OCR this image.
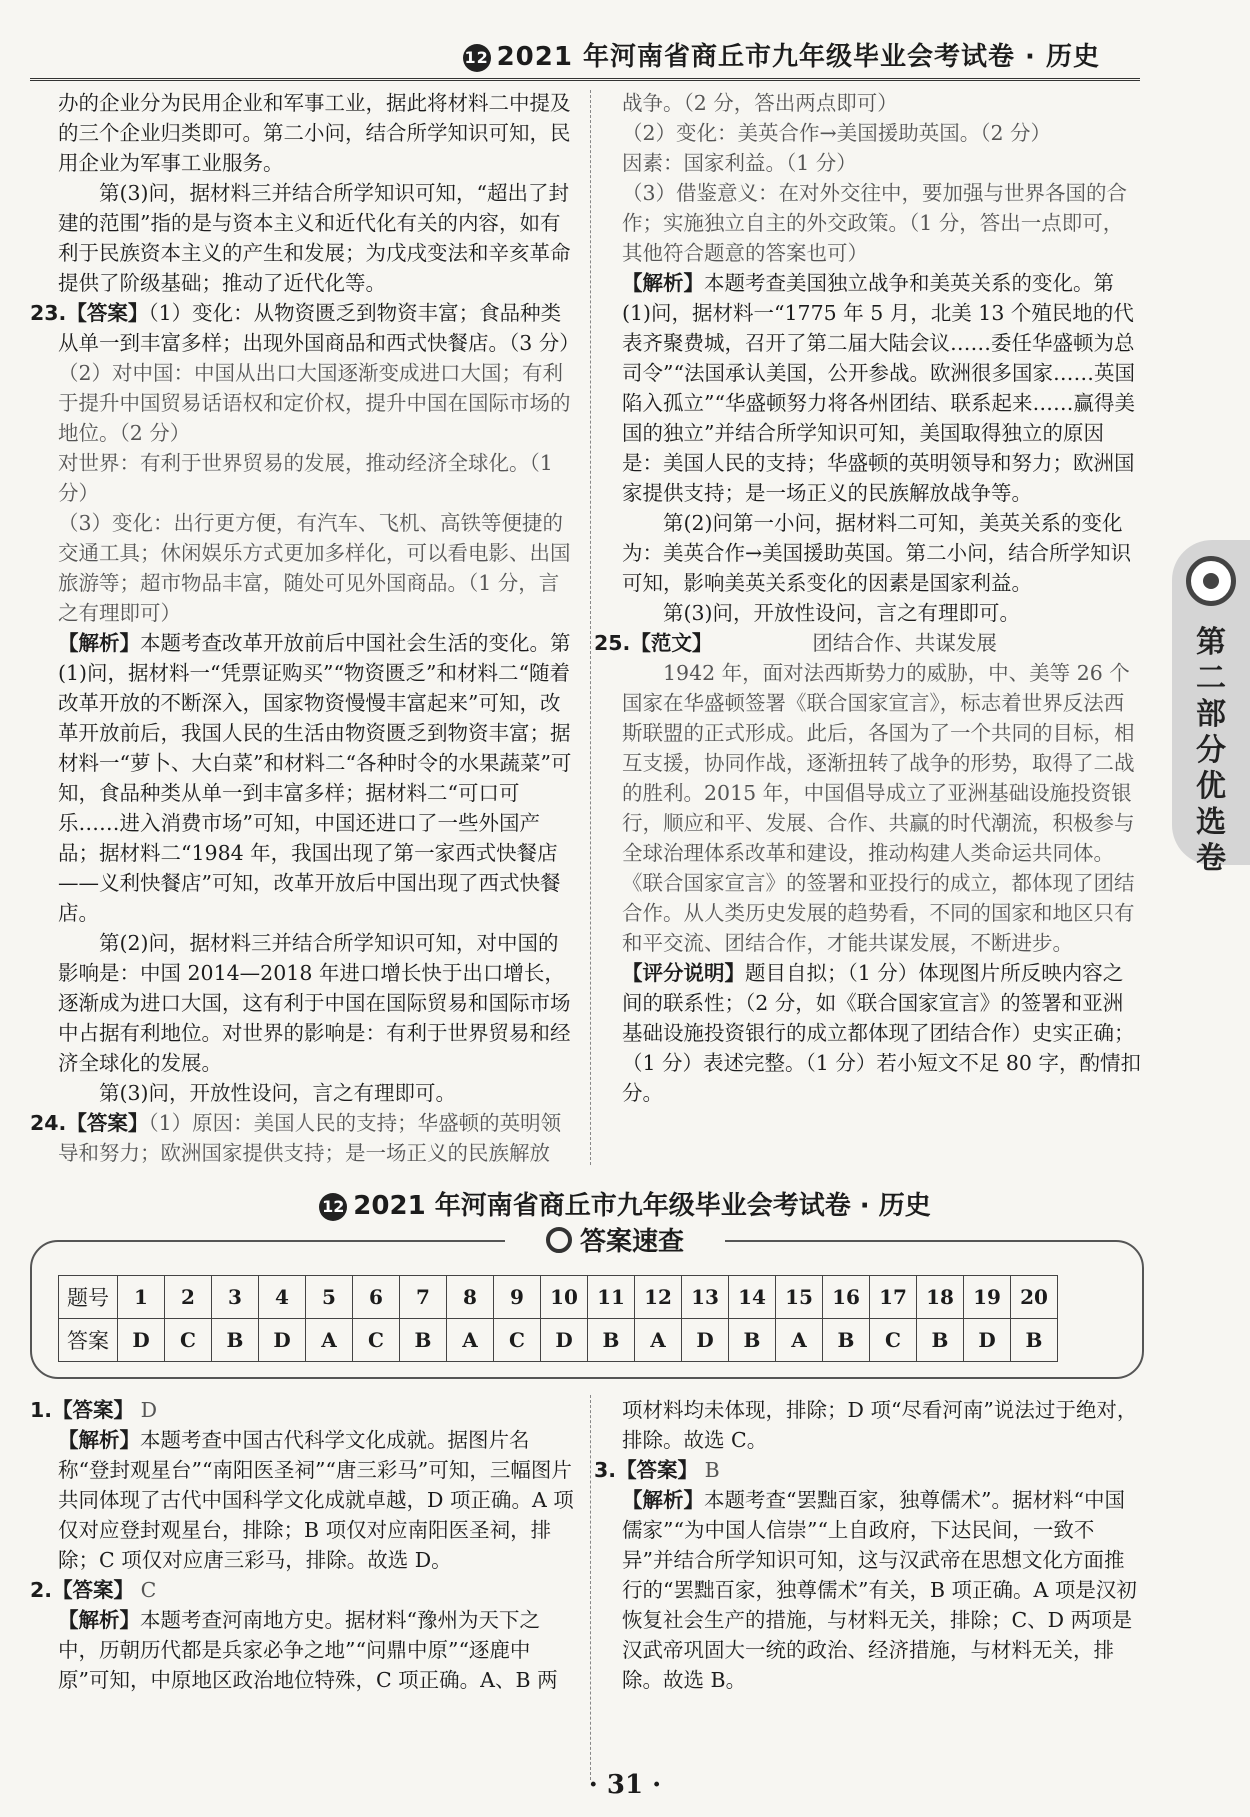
12 2021 年河南省商丘市九年级毕业会考试卷 · 历史
第二部分 优选卷

办的企业分为民用企业和军事工业，据此将材料二中提及的三个企业归类即可。第二小问，结合所学知识可知，民用企业为军事工业服务。

第(3)问，据材料三并结合所学知识可知，“超出了封建的范围”指的是与资本主义和近代化有关的内容，如有利于民族资本主义的产生和发展；为戊戌变法和辛亥革命提供了阶级基础；推动了近代化等。

23.【答案】（1）变化：从物资匮乏到物资丰富；食品种类从单一到丰富多样；出现外国商品和西式快餐店。（3 分）

（2）对中国：中国从出口大国逐渐变成进口大国；有利于提升中国贸易话语权和定价权，提升中国在国际市场的地位。（2 分）

对世界：有利于世界贸易的发展，推动经济全球化。（1 分）

（3）变化：出行更方便，有汽车、飞机、高铁等便捷的交通工具；休闲娱乐方式更加多样化，可以看电影、出国旅游等；超市物品丰富，随处可见外国商品。（1 分，言之有理即可）

【解析】本题考查改革开放前后中国社会生活的变化。第(1)问，据材料一“凭票证购买”“物资匮乏”和材料二“随着改革开放的不断深入，国家物资慢慢丰富起来”可知，改革开放前后，我国人民的生活由物资匮乏到物资丰富；据材料一“萝卜、大白菜”和材料二“各种时令的水果蔬菜”可知，食品种类从单一到丰富多样；据材料二“可口可乐……进入消费市场”可知，中国还进口了一些外国产品；据材料二“1984 年，我国出现了第一家西式快餐店——义利快餐店”可知，改革开放后中国出现了西式快餐店。

第(2)问，据材料三并结合所学知识可知，对中国的影响是：中国 2014—2018 年进口增长快于出口增长，逐渐成为进口大国，这有利于中国在国际贸易和国际市场中占据有利地位。对世界的影响是：有利于世界贸易和经济全球化的发展。

第(3)问，开放性设问，言之有理即可。

24.【答案】（1）原因：美国人民的支持；华盛顿的英明领导和努力；欧洲国家提供支持；是一场正义的民族解放

战争。（2 分，答出两点即可）

（2）变化：美英合作→美国援助英国。（2 分）

因素：国家利益。（1 分）

（3）借鉴意义：在对外交往中，要加强与世界各国的合作；实施独立自主的外交政策。（1 分，答出一点即可，其他符合题意的答案也可）

【解析】本题考查美国独立战争和美英关系的变化。第(1)问，据材料一“1775 年 5 月，北美 13 个殖民地的代表齐聚费城，召开了第二届大陆会议……委任华盛顿为总司令”“法国承认美国，公开参战。欧洲很多国家……英国陷入孤立”“华盛顿努力将各州团结、联系起来……赢得美国的独立”并结合所学知识可知，美国取得独立的原因是：美国人民的支持；华盛顿的英明领导和努力；欧洲国家提供支持；是一场正义的民族解放战争等。

第(2)问第一小问，据材料二可知，美英关系的变化为：美英合作→美国援助英国。第二小问，结合所学知识可知，影响美英关系变化的因素是国家利益。

第(3)问，开放性设问，言之有理即可。

25.【范文】	团结合作、共谋发展

1942 年，面对法西斯势力的威胁，中、美等 26 个国家在华盛顿签署《联合国家宣言》，标志着世界反法西斯联盟的正式形成。此后，各国为了一个共同的目标，相互支援，协同作战，逐渐扭转了战争的形势，取得了二战的胜利。2015 年，中国倡导成立了亚洲基础设施投资银行，顺应和平、发展、合作、共赢的时代潮流，积极参与全球治理体系改革和建设，推动构建人类命运共同体。《联合国家宣言》的签署和亚投行的成立，都体现了团结合作。从人类历史发展的趋势看，不同的国家和地区只有和平交流、团结合作，才能共谋发展，不断进步。

【评分说明】题目自拟；（1 分）体现图片所反映内容之间的联系性；（2 分，如《联合国家宣言》的签署和亚洲基础设施投资银行的成立都体现了团结合作）史实正确；（1 分）表述完整。（1 分）若小短文不足 80 字，酌情扣分。

12 2021 年河南省商丘市九年级毕业会考试卷 · 历史
答案速查
题号	1	2	3	4	5	6	7	8	9	10	11	12	13	14	15	16	17	18	19	20
答案	D	C	B	D	A	C	B	A	C	D	B	A	D	B	A	B	C	B	D	B

1.【答案】 D

【解析】本题考查中国古代科学文化成就。据图片名称“登封观星台”“南阳医圣祠”“唐三彩马”可知，三幅图片共同体现了古代中国科学文化成就卓越，D 项正确。A 项仅对应登封观星台，排除；B 项仅对应南阳医圣祠，排除；C 项仅对应唐三彩马，排除。故选 D。

2.【答案】 C

【解析】本题考查河南地方史。据材料“豫州为天下之中，历朝历代都是兵家必争之地”“问鼎中原”“逐鹿中原”可知，中原地区政治地位特殊，C 项正确。A、B 两

项材料均未体现，排除；D 项“尽看河南”说法过于绝对，排除。故选 C。

3.【答案】 B

【解析】本题考查“罢黜百家，独尊儒术”。据材料“中国儒家”“为中国人信崇”“上自政府，下达民间，一致不异”并结合所学知识可知，这与汉武帝在思想文化方面推行的“罢黜百家，独尊儒术”有关，B 项正确。A 项是汉初恢复社会生产的措施，与材料无关，排除；C、D 两项是汉武帝巩固大一统的政治、经济措施，与材料无关，排除。故选 B。

· 31 ·
